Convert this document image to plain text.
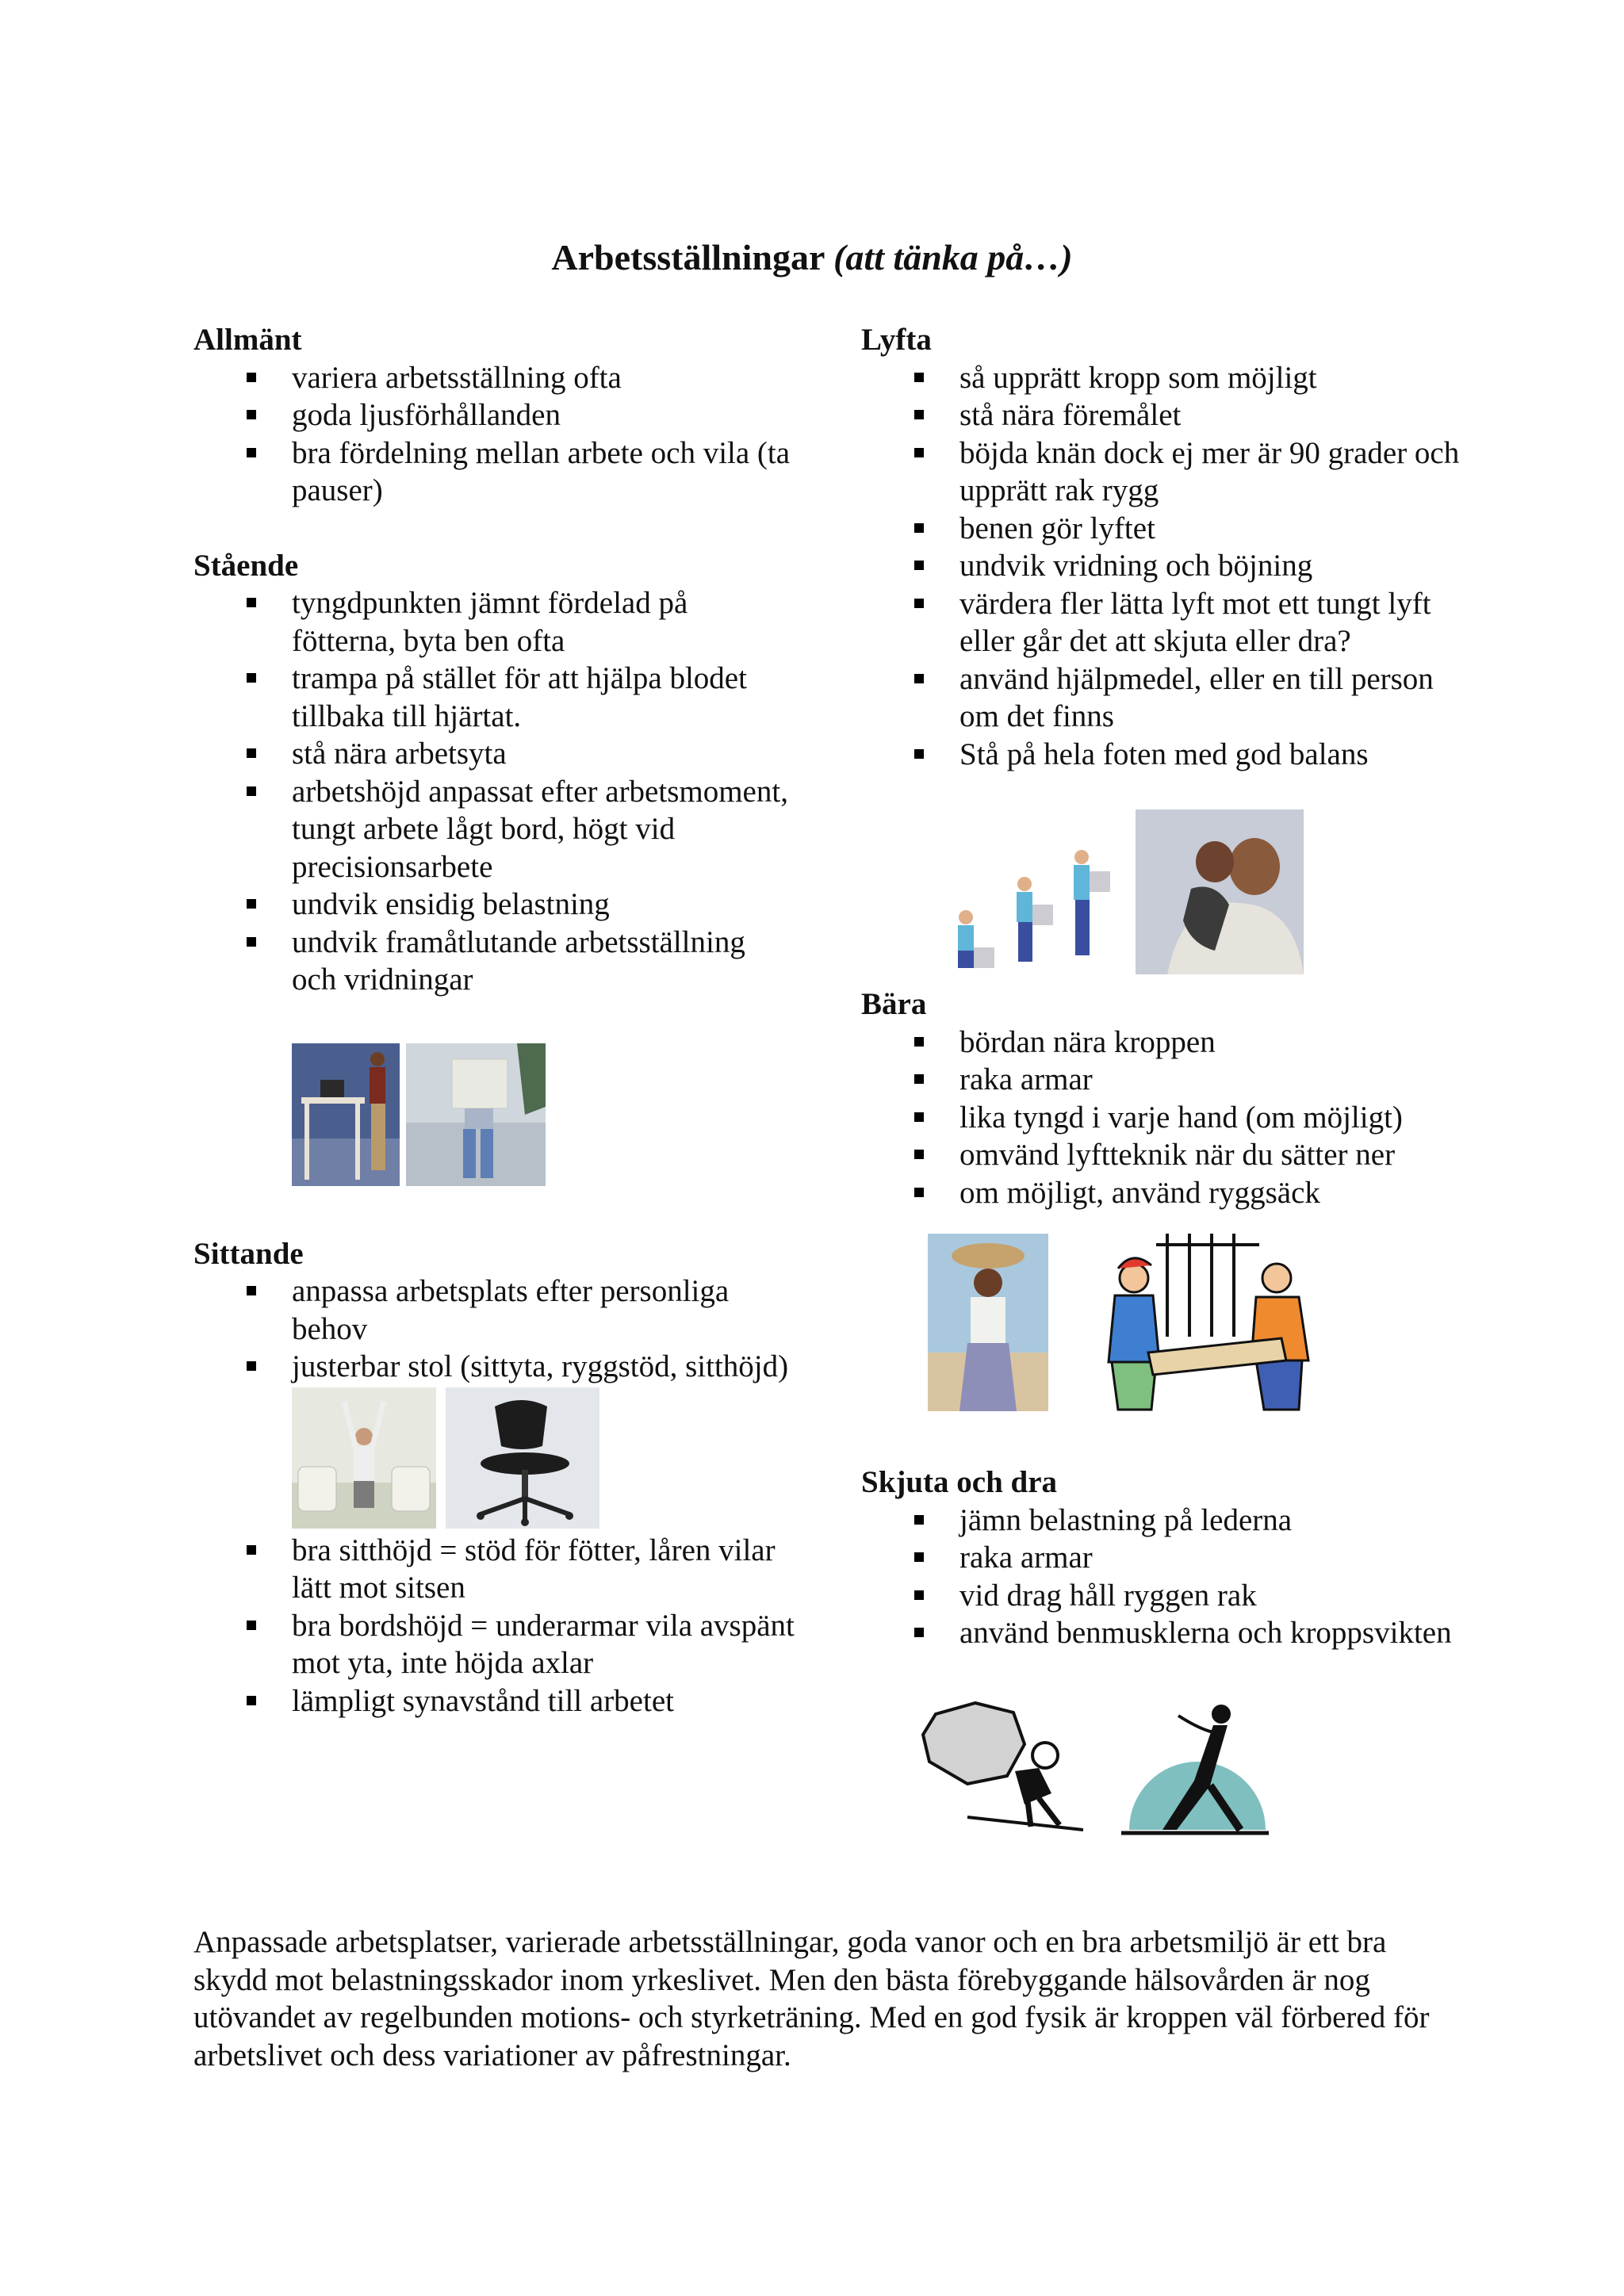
Arbetsställningar (att tänka på…)
Allmänt
variera arbetsställning ofta
goda ljusförhållanden
bra fördelning mellan arbete och vila (ta pauser)
Stående
tyngdpunkten jämnt fördelad på fötterna, byta ben ofta
trampa på stället för att hjälpa blodet tillbaka till hjärtat.
stå nära arbetsyta
arbetshöjd anpassat efter arbetsmoment, tungt arbete lågt bord, högt vid precisionsarbete
undvik ensidig belastning
undvik framåtlutande arbetsställning och vridningar
Sittande
anpassa arbetsplats efter personliga behov
justerbar stol (sittyta, ryggstöd, sitthöjd)
bra sitthöjd = stöd för fötter, låren vilar lätt mot sitsen
bra bordshöjd = underarmar vila avspänt mot yta, inte höjda axlar
lämpligt synavstånd till arbetet
Lyfta
så upprätt kropp som möjligt
stå nära föremålet
böjda knän dock ej mer är 90 grader och upprätt rak rygg
benen gör lyftet
undvik vridning och böjning
värdera fler lätta lyft mot ett tungt lyft eller går det att skjuta eller dra?
använd hjälpmedel, eller en till person om det finns
Stå på hela foten med god balans
Bära
bördan nära kroppen
raka armar
lika tyngd i varje hand (om möjligt)
omvänd lyftteknik när du sätter ner
om möjligt, använd ryggsäck
Skjuta och dra
jämn belastning på lederna
raka armar
vid drag håll ryggen rak
använd benmusklerna och kroppsvikten

Anpassade arbetsplatser, varierade arbetsställningar, goda vanor och en bra arbetsmiljö är ett bra skydd mot belastningsskador inom yrkeslivet. Men den bästa förebyggande hälsovården är nog utövandet av regelbunden motions- och styrketräning. Med en god fysik är kroppen väl förbered för arbetslivet och dess variationer av påfrestningar.
